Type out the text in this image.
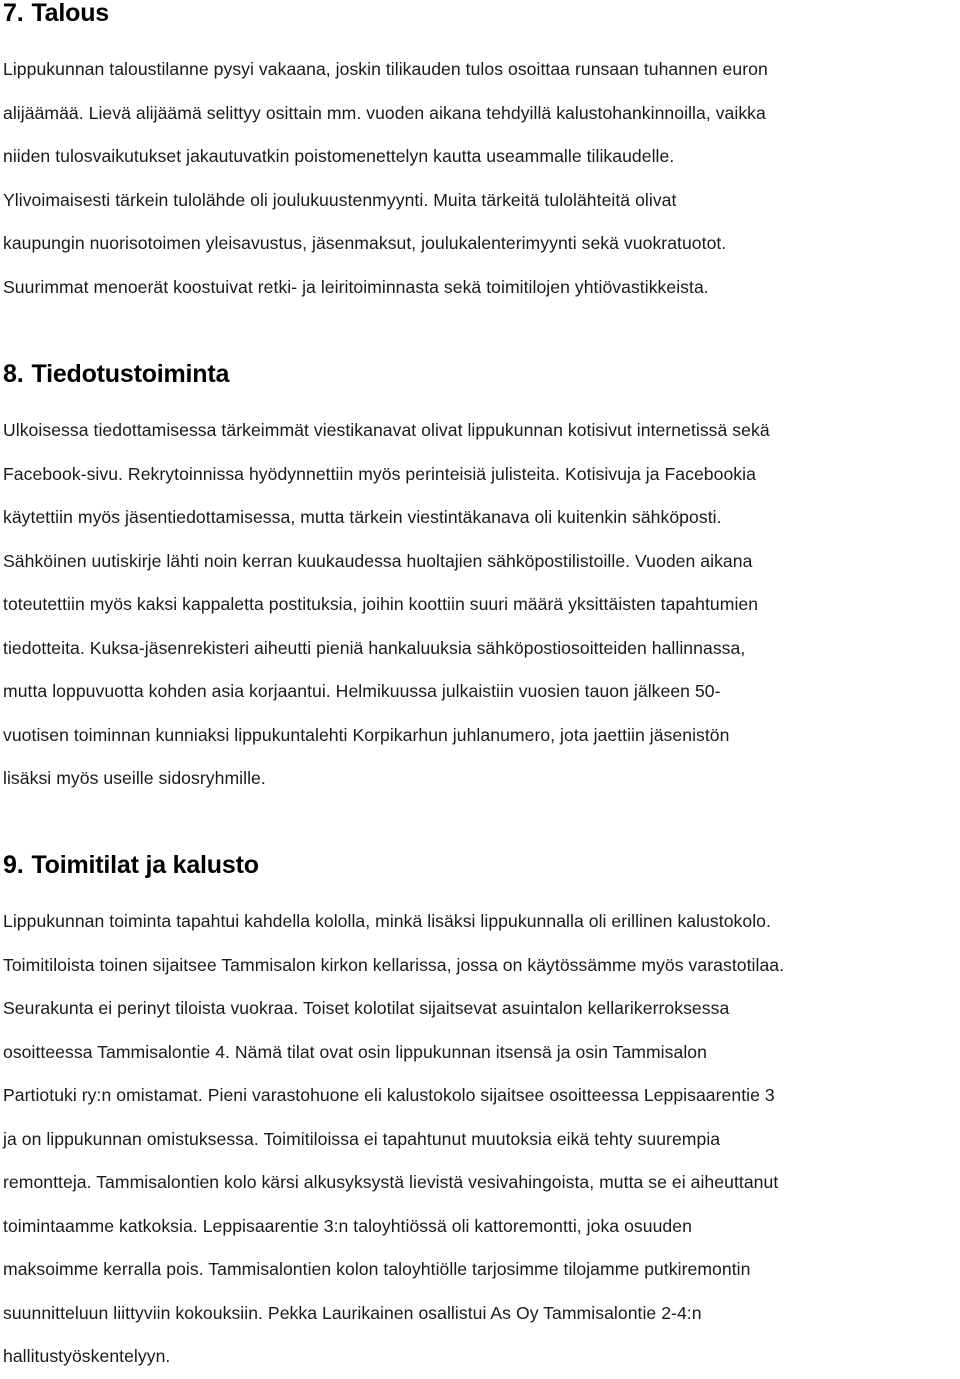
7. Talous

Lippukunnan taloustilanne pysyi vakaana, joskin tilikauden tulos osoittaa runsaan tuhannen euron
alijäämää. Lievä alijäämä selittyy osittain mm. vuoden aikana tehdyillä kalustohankinnoilla, vaikka
niiden tulosvaikutukset jakautuvatkin poistomenettelyn kautta useammalle tilikaudelle.
Ylivoimaisesti tärkein tulolähde oli joulukuustenmyynti. Muita tärkeitä tulolähteitä olivat
kaupungin nuorisotoimen yleisavustus, jäsenmaksut, joulukalenterimyynti sekä vuokratuotot.
Suurimmat menoerät koostuivat retki- ja leiritoiminnasta sekä toimitilojen yhtiövastikkeista.

8. Tiedotustoiminta

Ulkoisessa tiedottamisessa tärkeimmät viestikanavat olivat lippukunnan kotisivut internetissä sekä
Facebook-sivu. Rekrytoinnissa hyödynnettiin myös perinteisiä julisteita. Kotisivuja ja Facebookia
käytettiin myös jäsentiedottamisessa, mutta tärkein viestintäkanava oli kuitenkin sähköposti.
Sähköinen uutiskirje lähti noin kerran kuukaudessa huoltajien sähköpostilistoille. Vuoden aikana
toteutettiin myös kaksi kappaletta postituksia, joihin koottiin suuri määrä yksittäisten tapahtumien
tiedotteita. Kuksa-jäsenrekisteri aiheutti pieniä hankaluuksia sähköpostiosoitteiden hallinnassa,
mutta loppuvuotta kohden asia korjaantui. Helmikuussa julkaistiin vuosien tauon jälkeen 50-
vuotisen toiminnan kunniaksi lippukuntalehti Korpikarhun juhlanumero, jota jaettiin jäsenistön
lisäksi myös useille sidosryhmille.

9. Toimitilat ja kalusto

Lippukunnan toiminta tapahtui kahdella kololla, minkä lisäksi lippukunnalla oli erillinen kalustokolo.
Toimitiloista toinen sijaitsee Tammisalon kirkon kellarissa, jossa on käytössämme myös varastotilaa.
Seurakunta ei perinyt tiloista vuokraa. Toiset kolotilat sijaitsevat asuintalon kellarikerroksessa
osoitteessa Tammisalontie 4. Nämä tilat ovat osin lippukunnan itsensä ja osin Tammisalon
Partiotuki ry:n omistamat. Pieni varastohuone eli kalustokolo sijaitsee osoitteessa Leppisaarentie 3
ja on lippukunnan omistuksessa. Toimitiloissa ei tapahtunut muutoksia eikä tehty suurempia
remontteja. Tammisalontien kolo kärsi alkusyksystä lievistä vesivahingoista, mutta se ei aiheuttanut
toimintaamme katkoksia. Leppisaarentie 3:n taloyhtiössä oli kattoremontti, joka osuuden
maksoimme kerralla pois. Tammisalontien kolon taloyhtiölle tarjosimme tilojamme putkiremontin
suunnitteluun liittyviin kokouksiin. Pekka Laurikainen osallistui As Oy Tammisalontie 2-4:n
hallitustyöskentelyyn.
